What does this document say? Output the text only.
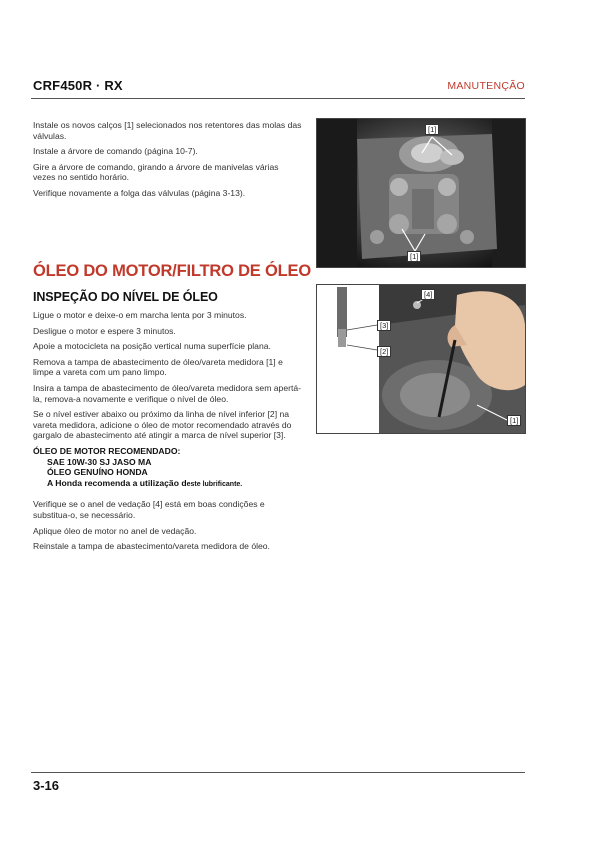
CRF450R · RX	MANUTENÇÃO

Instale os novos calços [1] selecionados nos retentores das molas das válvulas.

Instale a árvore de comando (página 10-7).

Gire a árvore de comando, girando a árvore de manivelas várias vezes no sentido horário.

Verifique novamente a folga das válvulas (página 3-13).

[1]
[1]
ÓLEO DO MOTOR/FILTRO DE ÓLEO
INSPEÇÃO DO NÍVEL DE ÓLEO

Ligue o motor e deixe-o em marcha lenta por 3 minutos.

Desligue o motor e espere 3 minutos.

Apoie a motocicleta na posição vertical numa superfície plana.

Remova a tampa de abastecimento de óleo/vareta medidora [1] e limpe a vareta com um pano limpo.

Insira a tampa de abastecimento de óleo/vareta medidora sem apertá-la, remova-a novamente e verifique o nível de óleo.

Se o nível estiver abaixo ou próximo da linha de nível inferior [2] na vareta medidora, adicione o óleo de motor recomendado através do gargalo de abastecimento até atingir a marca de nível superior [3].

ÓLEO DE MOTOR RECOMENDADO:

SAE 10W-30 SJ JASO MA

ÓLEO GENUÍNO HONDA

A Honda recomenda a utilização deste lubrificante.

Verifique se o anel de vedação [4] está em boas condições e substitua-o, se necessário.

Aplique óleo de motor no anel de vedação.

Reinstale a tampa de abastecimento/vareta medidora de óleo.

[3]
[2]
[4]
[1]
3-16
